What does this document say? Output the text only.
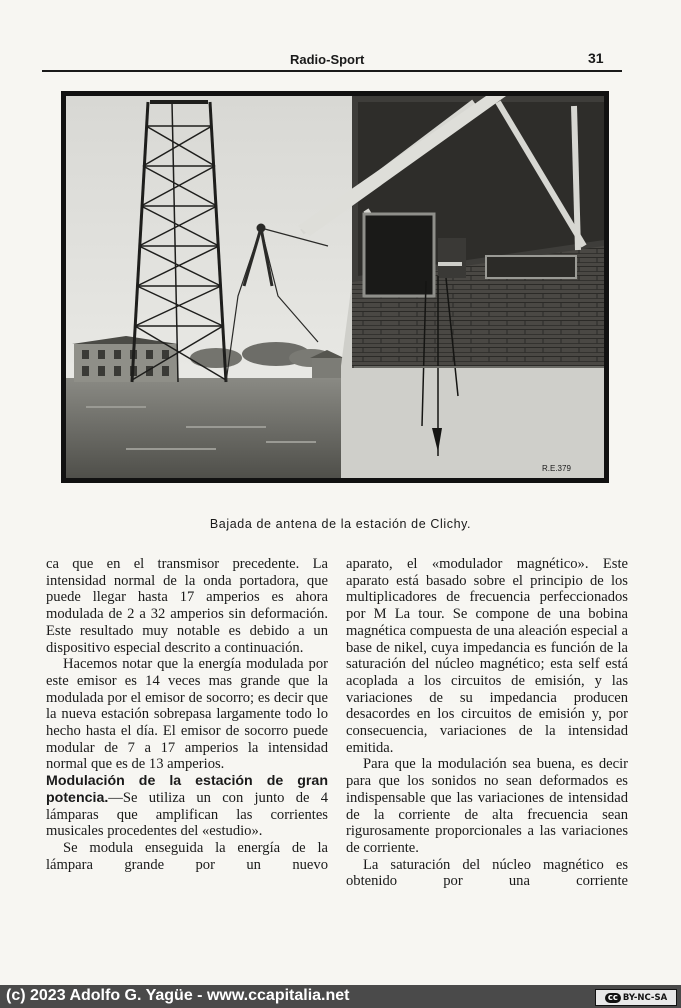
Radio-Sport	31
R.E.379
Bajada de antena de la estación de Clichy.

ca que en el transmisor precedente. La intensidad normal de la onda portadora, que puede llegar hasta 17 amperios es ahora modulada de 2 a 32 amperios sin deformación. Este resultado muy notable es debido a un dispositivo especial descrito a continuación.

Hacemos notar que la energía modulada por este emisor es 14 veces mas grande que la modulada por el emisor de socorro; es decir que la nueva estación sobrepasa largamente todo lo hecho hasta el día. El emisor de socorro puede modular de 7 a 17 amperios la intensidad normal que es de 13 amperios.

Modulación de la estación de gran potencia.—Se utiliza un con junto de 4 lámparas que amplifican las corrientes musicales procedentes del «estudio».

Se modula enseguida la energía de la lámpara grande por un nuevo

aparato, el «modulador magnético». Este aparato está basado sobre el principio de los multiplicadores de frecuencia perfeccionados por M La tour. Se compone de una bobina magnética compuesta de una aleación especial a base de nikel, cuya impedancia es función de la saturación del núcleo magnético; esta self está acoplada a los circuitos de emisión, y las variaciones de su impedancia producen desacordes en los circuitos de emisión y, por consecuencia, variaciones de la intensidad emitida.

Para que la modulación sea buena, es decir para que los sonidos no sean deformados es indispensable que las variaciones de intensidad de la corriente de alta frecuencia sean rigurosamente proporcionales a las variaciones de corriente.

La saturación del núcleo magnético es obtenido por una corriente

(c) 2023 Adolfo G. Yagüe - www.ccapitalia.net	cc BY-NC-SA
